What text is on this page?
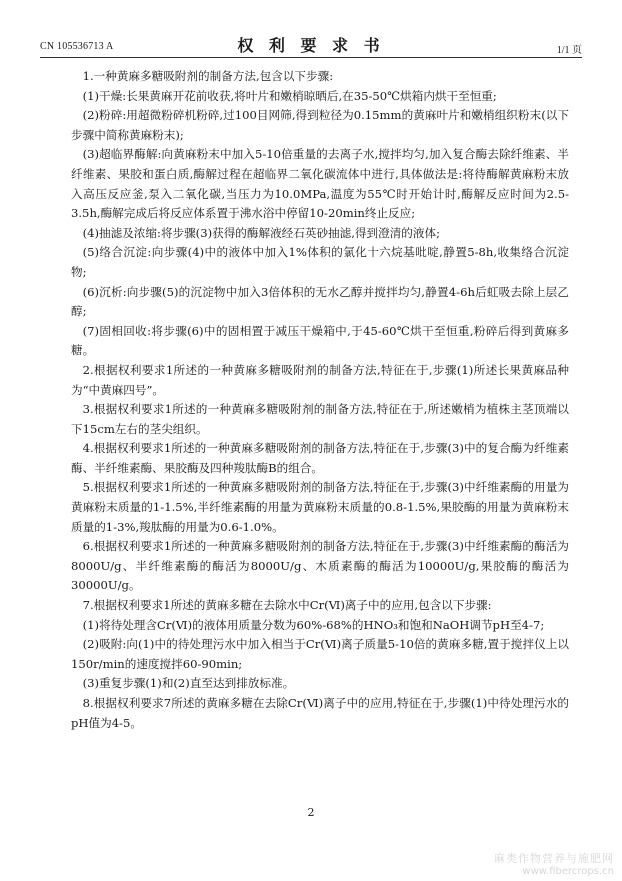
CN 105536713 A	权 利 要 求 书	1/1 页

1.一种黄麻多糖吸附剂的制备方法,包含以下步骤:

(1)干燥:长果黄麻开花前收获,将叶片和嫩梢晾晒后,在35-50℃烘箱内烘干至恒重;

(2)粉碎:用超微粉碎机粉碎,过100目网筛,得到粒径为0.15mm的黄麻叶片和嫩梢组织粉末(以下步骤中简称黄麻粉末);

(3)超临界酶解:向黄麻粉末中加入5-10倍重量的去离子水,搅拌均匀,加入复合酶去除纤维素、半纤维素、果胶和蛋白质,酶解过程在超临界二氧化碳流体中进行,具体做法是:将待酶解黄麻粉末放入高压反应釜,泵入二氧化碳,当压力为10.0MPa,温度为55℃时开始计时,酶解反应时间为2.5-3.5h,酶解完成后将反应体系置于沸水浴中停留10-20min终止反应;

(4)抽滤及浓缩:将步骤(3)获得的酶解液经石英砂抽滤,得到澄清的液体;

(5)络合沉淀:向步骤(4)中的液体中加入1%体积的氯化十六烷基吡啶,静置5-8h,收集络合沉淀物;

(6)沉析:向步骤(5)的沉淀物中加入3倍体积的无水乙醇并搅拌均匀,静置4-6h后虹吸去除上层乙醇;

(7)固相回收:将步骤(6)中的固相置于减压干燥箱中,于45-60℃烘干至恒重,粉碎后得到黄麻多糖。

2.根据权利要求1所述的一种黄麻多糖吸附剂的制备方法,特征在于,步骤(1)所述长果黄麻品种为“中黄麻四号”。

3.根据权利要求1所述的一种黄麻多糖吸附剂的制备方法,特征在于,所述嫩梢为植株主茎顶端以下15cm左右的茎尖组织。

4.根据权利要求1所述的一种黄麻多糖吸附剂的制备方法,特征在于,步骤(3)中的复合酶为纤维素酶、半纤维素酶、果胶酶及四种羧肽酶B的组合。

5.根据权利要求1所述的一种黄麻多糖吸附剂的制备方法,特征在于,步骤(3)中纤维素酶的用量为黄麻粉末质量的1-1.5%,半纤维素酶的用量为黄麻粉末质量的0.8-1.5%,果胶酶的用量为黄麻粉末质量的1-3%,羧肽酶的用量为0.6-1.0%。

6.根据权利要求1所述的一种黄麻多糖吸附剂的制备方法,特征在于,步骤(3)中纤维素酶的酶活为8000U/g、半纤维素酶的酶活为8000U/g、木质素酶的酶活为10000U/g,果胶酶的酶活为30000U/g。

7.根据权利要求1所述的黄麻多糖在去除水中Cr(Ⅵ)离子中的应用,包含以下步骤:

(1)将待处理含Cr(Ⅵ)的液体用质量分数为60%-68%的HNO₃和饱和NaOH调节pH至4-7;

(2)吸附:向(1)中的待处理污水中加入相当于Cr(Ⅵ)离子质量5-10倍的黄麻多糖,置于搅拌仪上以150r/min的速度搅拌60-90min;

(3)重复步骤(1)和(2)直至达到排放标准。

8.根据权利要求7所述的黄麻多糖在去除Cr(Ⅵ)离子中的应用,特征在于,步骤(1)中待处理污水的pH值为4-5。

2
麻类作物营养与施肥网
www.fibercrops.cn
